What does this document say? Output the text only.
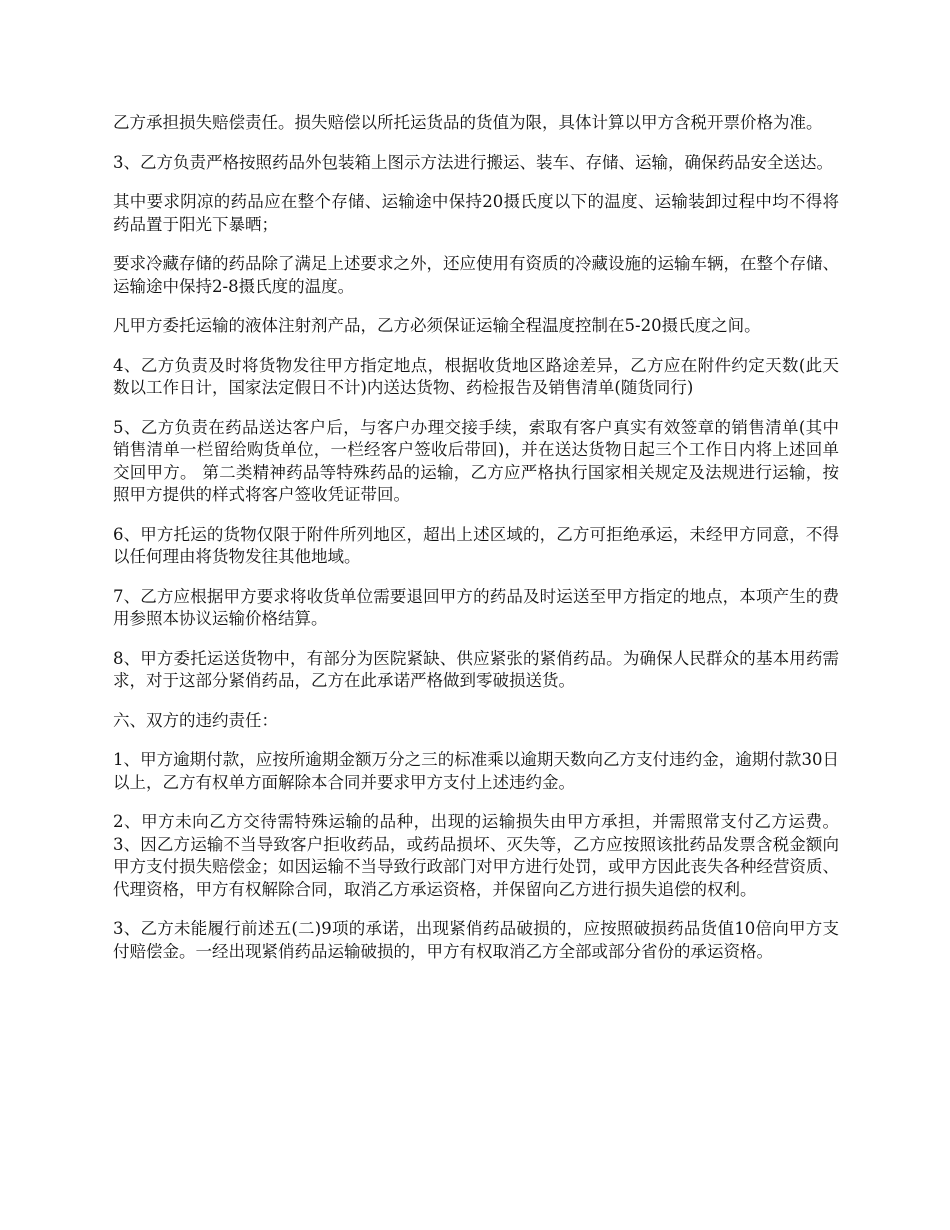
乙方承担损失赔偿责任。损失赔偿以所托运货品的货值为限，具体计算以甲方含税开票价格为准。

3、乙方负责严格按照药品外包装箱上图示方法进行搬运、装车、存储、运输，确保药品安全送达。

其中要求阴凉的药品应在整个存储、运输途中保持20摄氏度以下的温度、运输装卸过程中均不得将药品置于阳光下暴晒；

要求冷藏存储的药品除了满足上述要求之外，还应使用有资质的冷藏设施的运输车辆，在整个存储、运输途中保持2-8摄氏度的温度。

凡甲方委托运输的液体注射剂产品，乙方必须保证运输全程温度控制在5-20摄氏度之间。

4、乙方负责及时将货物发往甲方指定地点，根据收货地区路途差异，乙方应在附件约定天数(此天数以工作日计，国家法定假日不计)内送达货物、药检报告及销售清单(随货同行)

5、乙方负责在药品送达客户后，与客户办理交接手续，索取有客户真实有效签章的销售清单(其中销售清单一栏留给购货单位，一栏经客户签收后带回)，并在送达货物日起三个工作日内将上述回单交回甲方。 第二类精神药品等特殊药品的运输，乙方应严格执行国家相关规定及法规进行运输，按照甲方提供的样式将客户签收凭证带回。

6、甲方托运的货物仅限于附件所列地区，超出上述区域的，乙方可拒绝承运，未经甲方同意，不得以任何理由将货物发往其他地域。

7、乙方应根据甲方要求将收货单位需要退回甲方的药品及时运送至甲方指定的地点，本项产生的费用参照本协议运输价格结算。

8、甲方委托运送货物中，有部分为医院紧缺、供应紧张的紧俏药品。为确保人民群众的基本用药需求，对于这部分紧俏药品，乙方在此承诺严格做到零破损送货。

六、双方的违约责任：

1、甲方逾期付款，应按所逾期金额万分之三的标准乘以逾期天数向乙方支付违约金，逾期付款30日以上，乙方有权单方面解除本合同并要求甲方支付上述违约金。

2、甲方未向乙方交待需特殊运输的品种，出现的运输损失由甲方承担，并需照常支付乙方运费。3、因乙方运输不当导致客户拒收药品，或药品损坏、灭失等，乙方应按照该批药品发票含税金额向甲方支付损失赔偿金；如因运输不当导致行政部门对甲方进行处罚，或甲方因此丧失各种经营资质、代理资格，甲方有权解除合同，取消乙方承运资格，并保留向乙方进行损失追偿的权利。

3、乙方未能履行前述五(二)9项的承诺，出现紧俏药品破损的，应按照破损药品货值10倍向甲方支付赔偿金。一经出现紧俏药品运输破损的，甲方有权取消乙方全部或部分省份的承运资格。
